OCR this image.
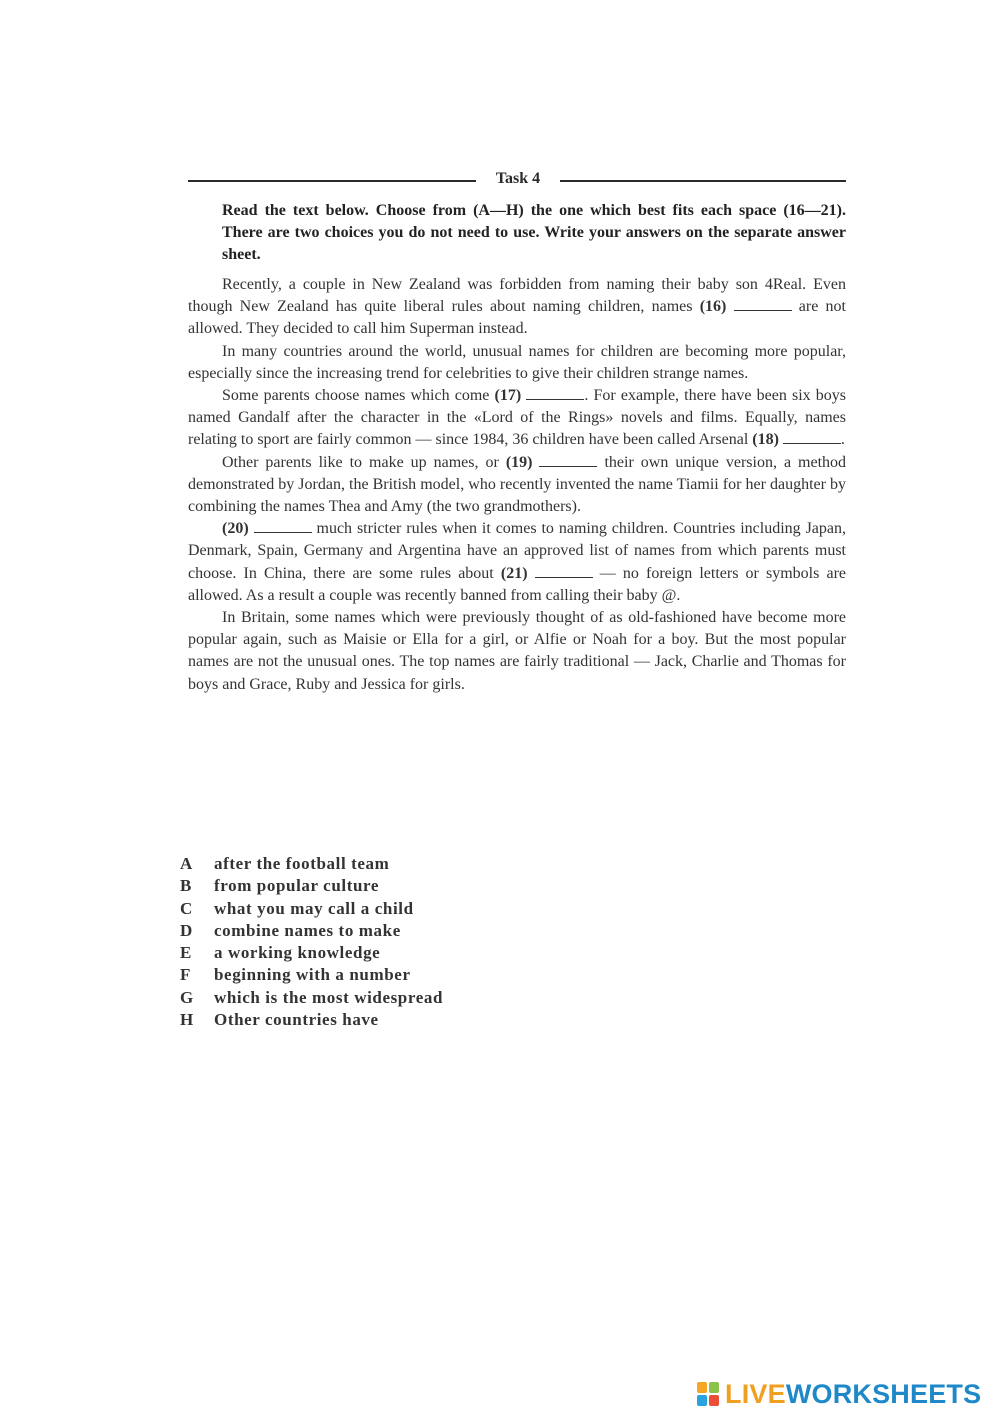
Task 4
Read the text below. Choose from (A—H) the one which best fits each space (16—21). There are two choices you do not need to use. Write your answers on the separate answer sheet.

Recently, a couple in New Zealand was forbidden from naming their baby son 4Real. Even though New Zealand has quite liberal rules about naming children, names (16)	are not allowed. They decided to call him Superman instead.

In many countries around the world, unusual names for children are becoming more popular, especially since the increasing trend for celebrities to give their children strange names.

Some parents choose names which come (17)	. For example, there have been six boys named Gandalf after the character in the «Lord of the Rings» novels and films. Equally, names relating to sport are fairly common — since 1984, 36 children have been called Arsenal (18)	.

Other parents like to make up names, or (19)	their own unique version, a method demonstrated by Jordan, the British model, who recently invented the name Tiamii for her daughter by combining the names Thea and Amy (the two grandmothers).

(20)	much stricter rules when it comes to naming children. Countries including Japan, Denmark, Spain, Germany and Argentina have an approved list of names from which parents must choose. In China, there are some rules about (21)	— no foreign letters or symbols are allowed. As a result a couple was recently banned from calling their baby @.

In Britain, some names which were previously thought of as old-fashioned have become more popular again, such as Maisie or Ella for a girl, or Alfie or Noah for a boy. But the most popular names are not the unusual ones. The top names are fairly traditional — Jack, Charlie and Thomas for boys and Grace, Ruby and Jessica for girls.

A	after the football team
B	from popular culture
C	what you may call a child
D	combine names to make
E	a working knowledge
F	beginning with a number
G	which is the most widespread
H	Other countries have
LIVEWORKSHEETS
